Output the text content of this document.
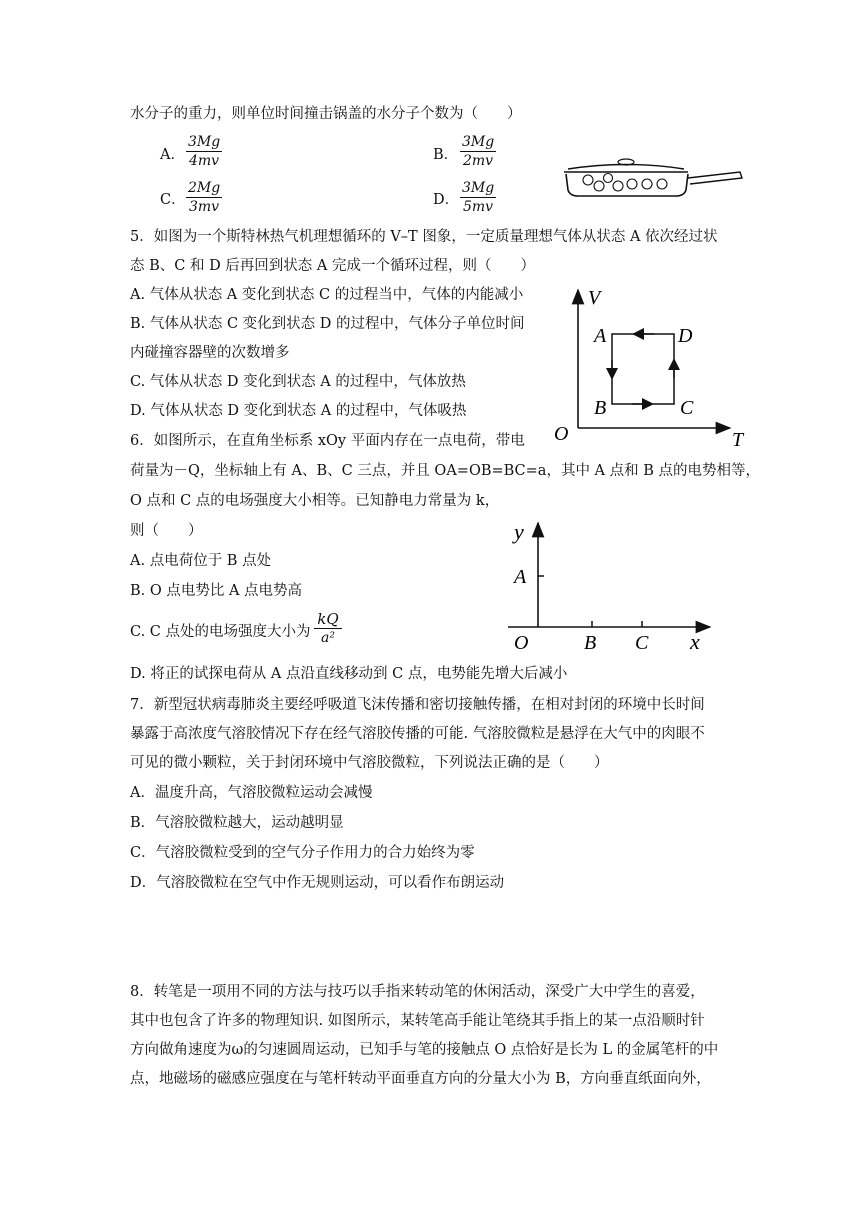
水分子的重力，则单位时间撞击锅盖的水分子个数为（　　）
A． $\frac{3Mg}{4mv}$	B． $\frac{3Mg}{2mv}$
C． $\frac{2Mg}{3mv}$	D． $\frac{3Mg}{5mv}$
5．如图为一个斯特林热气机理想循环的 V–T 图象，一定质量理想气体从状态 A 依次经过状
态 B、C 和 D 后再回到状态 A 完成一个循环过程，则（　　）
A. 气体从状态 A 变化到状态 C 的过程当中，气体的内能减小
B. 气体从状态 C 变化到状态 D 的过程中，气体分子单位时间
内碰撞容器壁的次数增多
C. 气体从状态 D 变化到状态 A 的过程中，气体放热
D. 气体从状态 D 变化到状态 A 的过程中，气体吸热
V
T
O
A	D
B	C
6．如图所示，在直角坐标系 xOy 平面内存在一点电荷，带电
荷量为－Q，坐标轴上有 A、B、C 三点，并且 OA=OB=BC=a，其中 A 点和 B 点的电势相等，
O 点和 C 点的电场强度大小相等。已知静电力常量为 k，
则（　　）
A. 点电荷位于 B 点处
B. O 点电势比 A 点电势高
C. C 点处的电场强度大小为 $\frac{kQ}{\text{a²}}$
D. 将正的试探电荷从 A 点沿直线移动到 C 点，电势能先增大后减小
y
A
O	B C x
7．新型冠状病毒肺炎主要经呼吸道飞沫传播和密切接触传播，在相对封闭的环境中长时间
暴露于高浓度气溶胶情况下存在经气溶胶传播的可能. 气溶胶微粒是悬浮在大气中的肉眼不
可见的微小颗粒，关于封闭环境中气溶胶微粒，下列说法正确的是（　　）
A．温度升高，气溶胶微粒运动会减慢
B．气溶胶微粒越大，运动越明显
C．气溶胶微粒受到的空气分子作用力的合力始终为零
D．气溶胶微粒在空气中作无规则运动，可以看作布朗运动
8．转笔是一项用不同的方法与技巧以手指来转动笔的休闲活动，深受广大中学生的喜爱，
其中也包含了许多的物理知识. 如图所示，某转笔高手能让笔绕其手指上的某一点沿顺时针
方向做角速度为ω的匀速圆周运动，已知手与笔的接触点 O 点恰好是长为 L 的金属笔杆的中
点，地磁场的磁感应强度在与笔杆转动平面垂直方向的分量大小为 B，方向垂直纸面向外，
